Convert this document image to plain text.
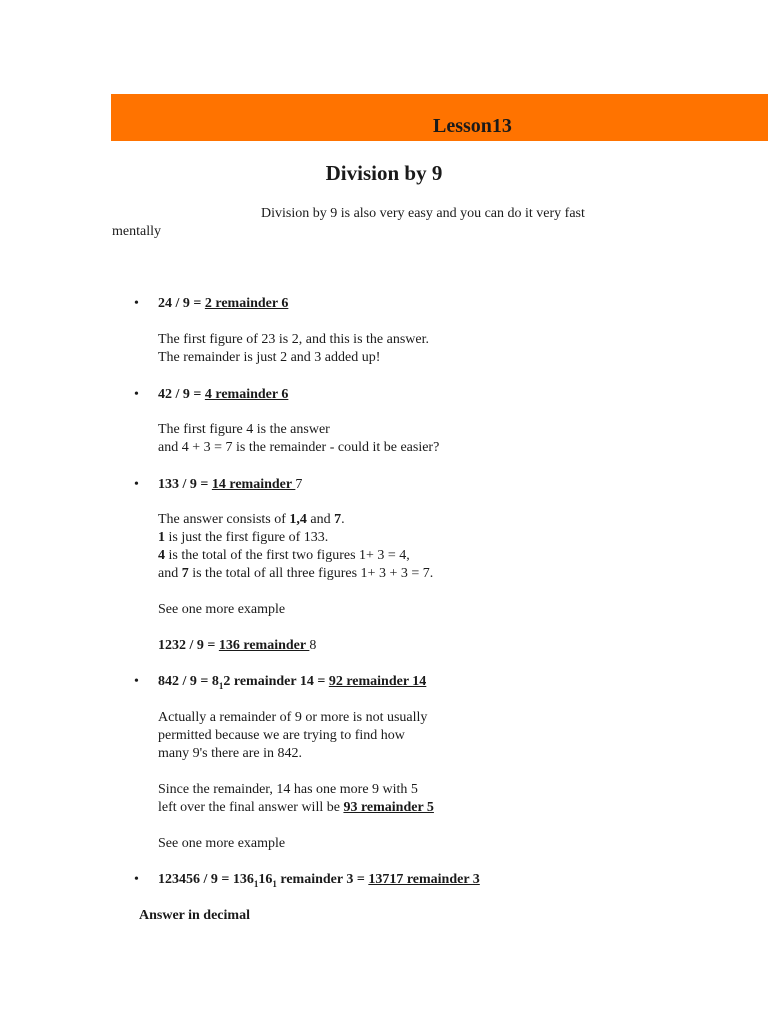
Lesson13
Division by 9
Division by 9 is also very easy and you can do it very fast
mentally
• 24 / 9 = 2 remainder 6
The first figure of 23 is 2, and this is the answer.
The remainder is just 2 and 3 added up!
• 42 / 9 = 4 remainder 6
The first figure 4 is the answer
and 4 + 3 = 7 is the remainder - could it be easier?
• 133 / 9 = 14 remainder 7
The answer consists of 1,4 and 7.
1 is just the first figure of 133.
4 is the total of the first two figures 1+ 3 = 4,
and 7 is the total of all three figures 1+ 3 + 3 = 7.
See one more example
1232 / 9 = 136 remainder 8
• $842 / 9 = 8_12$ remainder 14 = 92 remainder 14
Actually a remainder of 9 or more is not usually
permitted because we are trying to find how
many 9's there are in 842.
Since the remainder, 14 has one more 9 with 5
left over the final answer will be 93 remainder 5
See one more example
• $123456 / 9 = 136_116_1$ remainder 3 = 13717 remainder 3
Answer in decimal
